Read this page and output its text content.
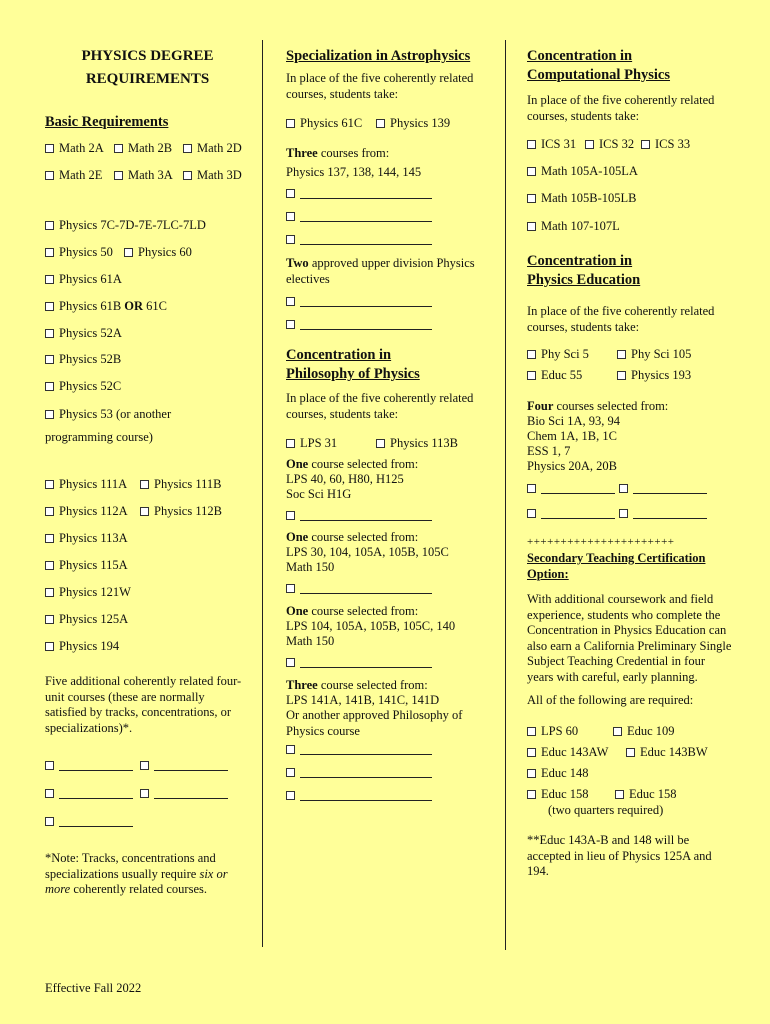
PHYSICS DEGREE
REQUIREMENTS
Basic Requirements
Math 2A	Math 2B	Math 2D
Math 2E	Math 3A	Math 3D
Physics 7C-7D-7E-7LC-7LD
Physics 50	Physics 60
Physics 61A
Physics 61B OR 61C
Physics 52A
Physics 52B
Physics 52C
Physics 53 (or another
programming course)
Physics 111A	Physics 111B
Physics 112A	Physics 112B
Physics 113A
Physics 115A
Physics 121W
Physics 125A
Physics 194
Five additional coherently related four-unit courses (these are normally satisfied by tracks, concentrations, or specializations)*.
*Note: Tracks, concentrations and specializations usually require six or more coherently related courses.
Effective Fall 2022
Specialization in Astrophysics
In place of the five coherently related courses, students take:
Physics 61C	Physics 139
Three courses from:
Physics 137, 138, 144, 145
Two approved upper division Physics electives
Concentration in
Philosophy of Physics
In place of the five coherently related courses, students take:
LPS 31	Physics 113B
One course selected from:
LPS 40, 60, H80, H125
Soc Sci H1G
One course selected from:
LPS 30, 104, 105A, 105B, 105C
Math 150
One course selected from:
LPS 104, 105A, 105B, 105C, 140
Math 150
Three course selected from:
LPS 141A, 141B, 141C, 141D
Or another approved Philosophy of Physics course
Concentration in
Computational Physics
In place of the five coherently related courses, students take:
ICS 31	ICS 32	ICS 33
Math 105A-105LA
Math 105B-105LB
Math 107-107L
Concentration in
Physics Education
In place of the five coherently related courses, students take:
Phy Sci 5	Phy Sci 105
Educ 55	Physics 193
Four courses selected from:
Bio Sci 1A, 93, 94
Chem 1A, 1B, 1C
ESS 1, 7
Physics 20A, 20B
++++++++++++++++++++++
Secondary Teaching Certification Option:
With additional coursework and field experience, students who complete the Concentration in Physics Education can also earn a California Preliminary Single Subject Teaching Credential in four years with careful, early planning.
All of the following are required:
LPS 60	Educ 109
Educ 143AW	Educ 143BW
Educ 148
Educ 158	Educ 158
(two quarters required)
**Educ 143A-B and 148 will be accepted in lieu of Physics 125A and 194.
